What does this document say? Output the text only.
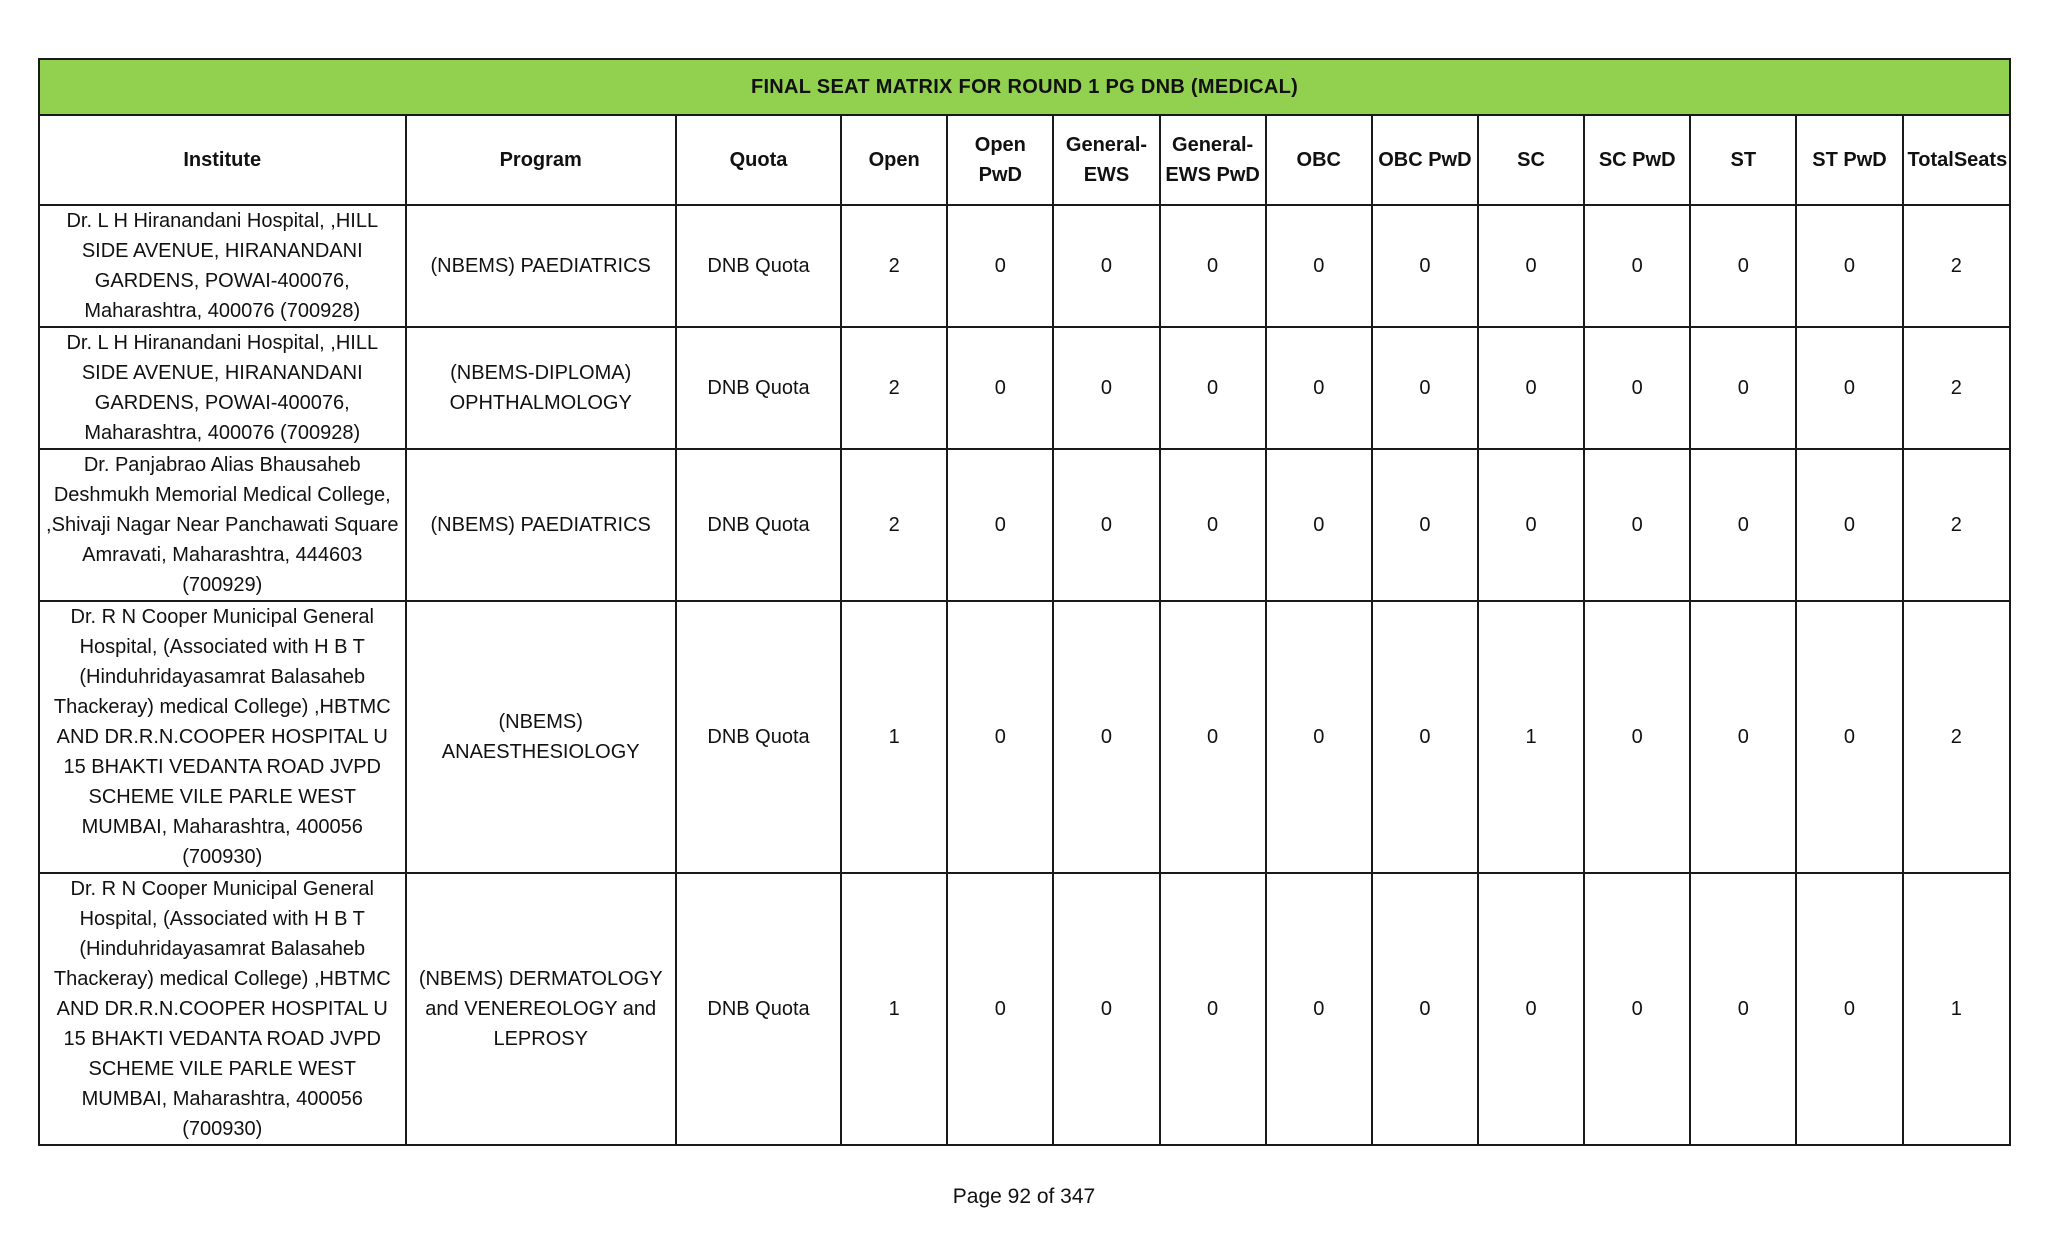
FINAL SEAT MATRIX FOR ROUND 1 PG DNB (MEDICAL)													
Institute	Program	Quota	Open	Open PwD	General-EWS	General-EWS PwD	OBC	OBC PwD	SC	SC PwD	ST	ST PwD	TotalSeats
Dr. L H Hiranandani Hospital, ,HILL SIDE AVENUE, HIRANANDANI GARDENS, POWAI-400076, Maharashtra, 400076 (700928)	(NBEMS) PAEDIATRICS	DNB Quota	2	0	0	0	0	0	0	0	0	0	2
Dr. L H Hiranandani Hospital, ,HILL SIDE AVENUE, HIRANANDANI GARDENS, POWAI-400076, Maharashtra, 400076 (700928)	(NBEMS-DIPLOMA) OPHTHALMOLOGY	DNB Quota	2	0	0	0	0	0	0	0	0	0	2
Dr. Panjabrao Alias Bhausaheb Deshmukh Memorial Medical College, ,Shivaji Nagar Near Panchawati Square Amravati, Maharashtra, 444603 (700929)	(NBEMS) PAEDIATRICS	DNB Quota	2	0	0	0	0	0	0	0	0	0	2
Dr. R N Cooper Municipal General Hospital, (Associated with H B T (Hinduhridayasamrat Balasaheb Thackeray) medical College) ,HBTMC AND DR.R.N.COOPER HOSPITAL U 15 BHAKTI VEDANTA ROAD JVPD SCHEME VILE PARLE WEST MUMBAI, Maharashtra, 400056 (700930)	(NBEMS) ANAESTHESIOLOGY	DNB Quota	1	0	0	0	0	0	1	0	0	0	2
Dr. R N Cooper Municipal General Hospital, (Associated with H B T (Hinduhridayasamrat Balasaheb Thackeray) medical College) ,HBTMC AND DR.R.N.COOPER HOSPITAL U 15 BHAKTI VEDANTA ROAD JVPD SCHEME VILE PARLE WEST MUMBAI, Maharashtra, 400056 (700930)	(NBEMS) DERMATOLOGY and VENEREOLOGY and LEPROSY	DNB Quota	1	0	0	0	0	0	0	0	0	0	1
Page 92 of 347
